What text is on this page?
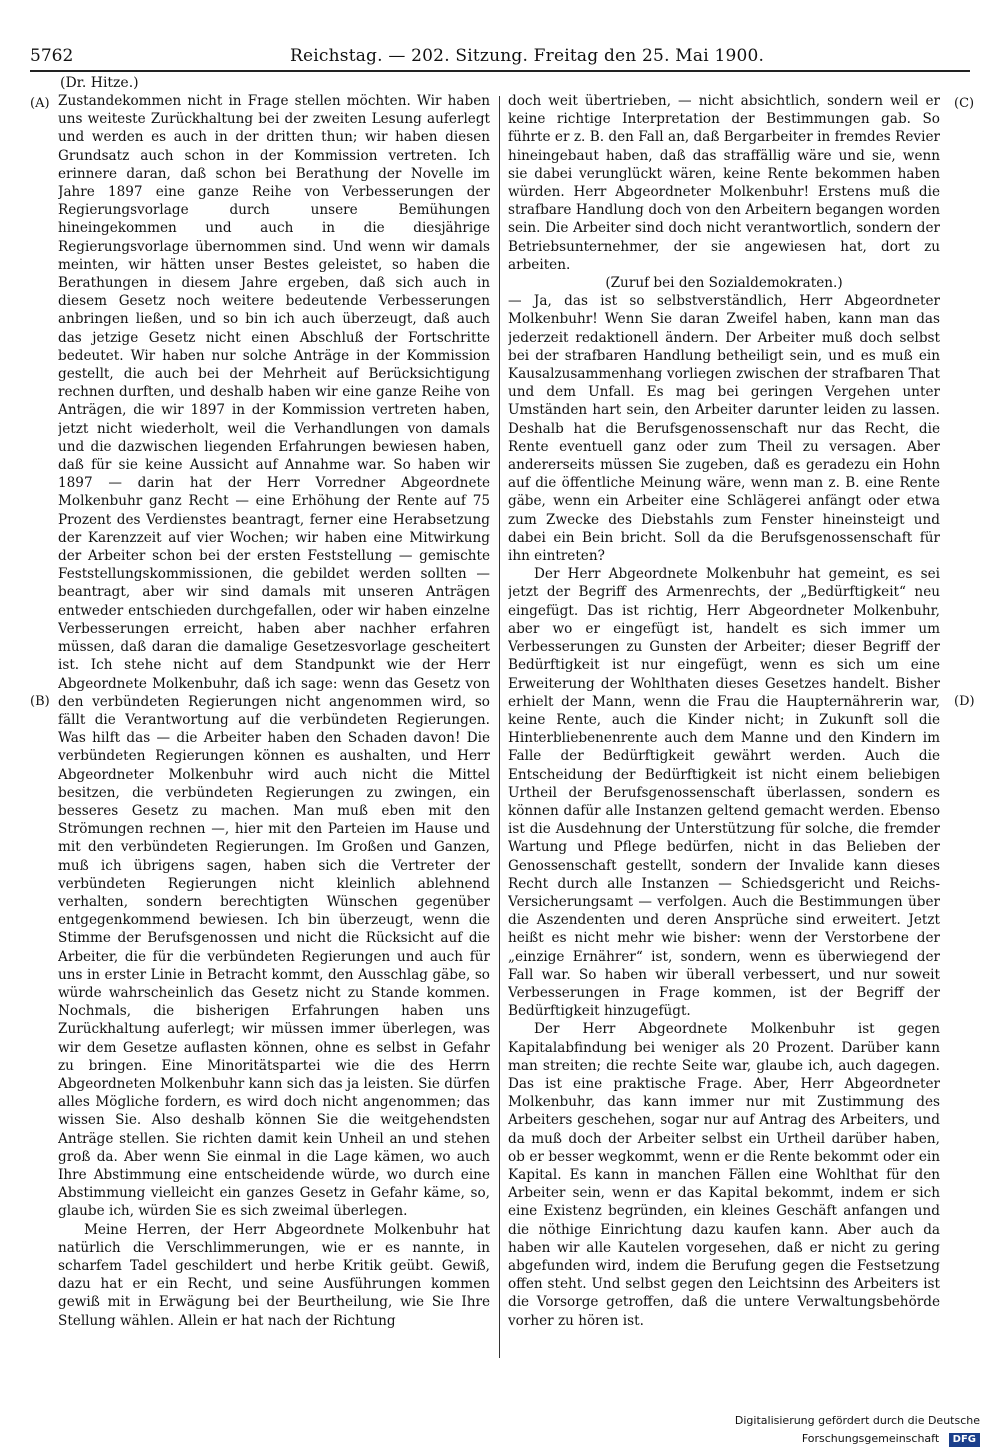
5762	Reichstag. — 202. Sitzung. Freitag den 25. Mai 1900.
(Dr. Hitze.)
(A)
(B)
(C)
(D)

Zustandekommen nicht in Frage stellen möchten. Wir haben uns weiteste Zurückhaltung bei der zweiten Lesung auferlegt und werden es auch in der dritten thun; wir haben diesen Grundsatz auch schon in der Kommission vertreten. Ich erinnere daran, daß schon bei Berathung der Novelle im Jahre 1897 eine ganze Reihe von Verbesserungen der Regierungsvorlage durch unsere Bemühungen hineingekommen und auch in die diesjährige Regierungsvorlage übernommen sind. Und wenn wir damals meinten, wir hätten unser Bestes geleistet, so haben die Berathungen in diesem Jahre ergeben, daß sich auch in diesem Gesetz noch weitere bedeutende Verbesserungen anbringen ließen, und so bin ich auch überzeugt, daß auch das jetzige Gesetz nicht einen Abschluß der Fortschritte bedeutet. Wir haben nur solche Anträge in der Kommission gestellt, die auch bei der Mehrheit auf Berücksichtigung rechnen durften, und deshalb haben wir eine ganze Reihe von Anträgen, die wir 1897 in der Kommission vertreten haben, jetzt nicht wiederholt, weil die Verhandlungen von damals und die dazwischen liegenden Erfahrungen bewiesen haben, daß für sie keine Aussicht auf Annahme war. So haben wir 1897 — darin hat der Herr Vorredner Abgeordnete Molkenbuhr ganz Recht — eine Erhöhung der Rente auf 75 Prozent des Verdienstes beantragt, ferner eine Herabsetzung der Karenzzeit auf vier Wochen; wir haben eine Mitwirkung der Arbeiter schon bei der ersten Feststellung — gemischte Feststellungskommissionen, die gebildet werden sollten — beantragt, aber wir sind damals mit unseren Anträgen entweder entschieden durchgefallen, oder wir haben einzelne Verbesserungen erreicht, haben aber nachher erfahren müssen, daß daran die damalige Gesetzesvorlage gescheitert ist. Ich stehe nicht auf dem Standpunkt wie der Herr Abgeordnete Molkenbuhr, daß ich sage: wenn das Gesetz von den verbündeten Regierungen nicht angenommen wird, so fällt die Verantwortung auf die verbündeten Regierungen. Was hilft das — die Arbeiter haben den Schaden davon! Die verbündeten Regierungen können es aushalten, und Herr Abgeordneter Molkenbuhr wird auch nicht die Mittel besitzen, die verbündeten Regierungen zu zwingen, ein besseres Gesetz zu machen. Man muß eben mit den Strömungen rechnen —, hier mit den Parteien im Hause und mit den verbündeten Regierungen. Im Großen und Ganzen, muß ich übrigens sagen, haben sich die Vertreter der verbündeten Regierungen nicht kleinlich ablehnend verhalten, sondern berechtigten Wünschen gegenüber entgegenkommend bewiesen. Ich bin überzeugt, wenn die Stimme der Berufsgenossen und nicht die Rücksicht auf die Arbeiter, die für die verbündeten Regierungen und auch für uns in erster Linie in Betracht kommt, den Ausschlag gäbe, so würde wahrscheinlich das Gesetz nicht zu Stande kommen. Nochmals, die bisherigen Erfahrungen haben uns Zurückhaltung auferlegt; wir müssen immer überlegen, was wir dem Gesetze auflasten können, ohne es selbst in Gefahr zu bringen. Eine Minoritätspartei wie die des Herrn Abgeordneten Molkenbuhr kann sich das ja leisten. Sie dürfen alles Mögliche fordern, es wird doch nicht angenommen; das wissen Sie. Also deshalb können Sie die weitgehendsten Anträge stellen. Sie richten damit kein Unheil an und stehen groß da. Aber wenn Sie einmal in die Lage kämen, wo auch Ihre Abstimmung eine entscheidende würde, wo durch eine Abstimmung vielleicht ein ganzes Gesetz in Gefahr käme, so, glaube ich, würden Sie es sich zweimal überlegen.

Meine Herren, der Herr Abgeordnete Molkenbuhr hat natürlich die Verschlimmerungen, wie er es nannte, in scharfem Tadel geschildert und herbe Kritik geübt. Gewiß, dazu hat er ein Recht, und seine Ausführungen kommen gewiß mit in Erwägung bei der Beurtheilung, wie Sie Ihre Stellung wählen. Allein er hat nach der Richtung

doch weit übertrieben, — nicht absichtlich, sondern weil er keine richtige Interpretation der Bestimmungen gab. So führte er z. B. den Fall an, daß Bergarbeiter in fremdes Revier hineingebaut haben, daß das straffällig wäre und sie, wenn sie dabei verunglückt wären, keine Rente bekommen haben würden. Herr Abgeordneter Molkenbuhr! Erstens muß die strafbare Handlung doch von den Arbeitern begangen worden sein. Die Arbeiter sind doch nicht verantwortlich, sondern der Betriebsunternehmer, der sie angewiesen hat, dort zu arbeiten.

(Zuruf bei den Sozialdemokraten.)

— Ja, das ist so selbstverständlich, Herr Abgeordneter Molkenbuhr! Wenn Sie daran Zweifel haben, kann man das jederzeit redaktionell ändern. Der Arbeiter muß doch selbst bei der strafbaren Handlung betheiligt sein, und es muß ein Kausalzusammenhang vorliegen zwischen der strafbaren That und dem Unfall. Es mag bei geringen Vergehen unter Umständen hart sein, den Arbeiter darunter leiden zu lassen. Deshalb hat die Berufsgenossenschaft nur das Recht, die Rente eventuell ganz oder zum Theil zu versagen. Aber andererseits müssen Sie zugeben, daß es geradezu ein Hohn auf die öffentliche Meinung wäre, wenn man z. B. eine Rente gäbe, wenn ein Arbeiter eine Schlägerei anfängt oder etwa zum Zwecke des Diebstahls zum Fenster hineinsteigt und dabei ein Bein bricht. Soll da die Berufsgenossenschaft für ihn eintreten?

Der Herr Abgeordnete Molkenbuhr hat gemeint, es sei jetzt der Begriff des Armenrechts, der „Bedürftigkeit“ neu eingefügt. Das ist richtig, Herr Abgeordneter Molkenbuhr, aber wo er eingefügt ist, handelt es sich immer um Verbesserungen zu Gunsten der Arbeiter; dieser Begriff der Bedürftigkeit ist nur eingefügt, wenn es sich um eine Erweiterung der Wohlthaten dieses Gesetzes handelt. Bisher erhielt der Mann, wenn die Frau die Haupternährerin war, keine Rente, auch die Kinder nicht; in Zukunft soll die Hinterbliebenenrente auch dem Manne und den Kindern im Falle der Bedürftigkeit gewährt werden. Auch die Entscheidung der Bedürftigkeit ist nicht einem beliebigen Urtheil der Berufsgenossenschaft überlassen, sondern es können dafür alle Instanzen geltend gemacht werden. Ebenso ist die Ausdehnung der Unterstützung für solche, die fremder Wartung und Pflege bedürfen, nicht in das Belieben der Genossenschaft gestellt, sondern der Invalide kann dieses Recht durch alle Instanzen — Schiedsgericht und Reichs-Versicherungsamt — verfolgen. Auch die Bestimmungen über die Aszendenten und deren Ansprüche sind erweitert. Jetzt heißt es nicht mehr wie bisher: wenn der Verstorbene der „einzige Ernährer“ ist, sondern, wenn es überwiegend der Fall war. So haben wir überall verbessert, und nur soweit Verbesserungen in Frage kommen, ist der Begriff der Bedürftigkeit hinzugefügt.

Der Herr Abgeordnete Molkenbuhr ist gegen Kapitalabfindung bei weniger als 20 Prozent. Darüber kann man streiten; die rechte Seite war, glaube ich, auch dagegen. Das ist eine praktische Frage. Aber, Herr Abgeordneter Molkenbuhr, das kann immer nur mit Zustimmung des Arbeiters geschehen, sogar nur auf Antrag des Arbeiters, und da muß doch der Arbeiter selbst ein Urtheil darüber haben, ob er besser wegkommt, wenn er die Rente bekommt oder ein Kapital. Es kann in manchen Fällen eine Wohlthat für den Arbeiter sein, wenn er das Kapital bekommt, indem er sich eine Existenz begründen, ein kleines Geschäft anfangen und die nöthige Einrichtung dazu kaufen kann. Aber auch da haben wir alle Kautelen vorgesehen, daß er nicht zu gering abgefunden wird, indem die Berufung gegen die Festsetzung offen steht. Und selbst gegen den Leichtsinn des Arbeiters ist die Vorsorge getroffen, daß die untere Verwaltungsbehörde vorher zu hören ist.

Digitalisierung gefördert durch die Deutsche Forschungsgemeinschaft DFG
